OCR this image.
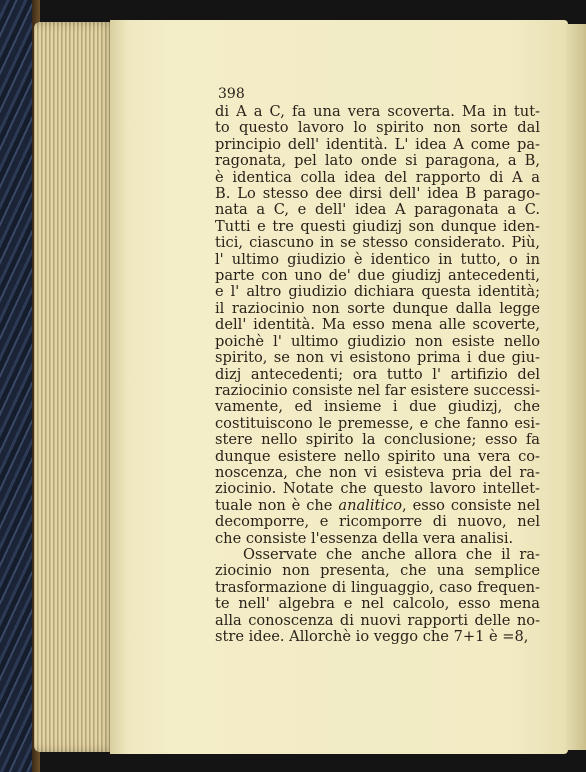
398
di A a C, fa una vera scoverta. Ma in tut-
to questo lavoro lo spirito non sorte dal
principio dell' identità. L' idea A come pa-
ragonata, pel lato onde si paragona, a B,
è identica colla idea del rapporto di A a
B. Lo stesso dee dirsi dell' idea B parago-
nata a C, e dell' idea A paragonata a C.
Tutti e tre questi giudizj son dunque iden-
tici, ciascuno in se stesso considerato. Più,
l' ultimo giudizio è identico in tutto, o in
parte con uno de' due giudizj antecedenti,
e l' altro giudizio dichiara questa identità;
il raziocinio non sorte dunque dalla legge
dell' identità. Ma esso mena alle scoverte,
poichè l' ultimo giudizio non esiste nello
spirito, se non vi esistono prima i due giu-
dizj antecedenti; ora tutto l' artifizio del
raziocinio consiste nel far esistere successi-
vamente, ed insieme i due giudizj, che
costituiscono le premesse, e che fanno esi-
stere nello spirito la conclusione; esso fa
dunque esistere nello spirito una vera co-
noscenza, che non vi esisteva pria del ra-
ziocinio. Notate che questo lavoro intellet-
tuale non è che analitico, esso consiste nel
decomporre, e ricomporre di nuovo, nel
che consiste l'essenza della vera analisi.
Osservate che anche allora che il ra-
ziocinio non presenta, che una semplice
trasformazione di linguaggio, caso frequen-
te nell' algebra e nel calcolo, esso mena
alla conoscenza di nuovi rapporti delle no-
stre idee. Allorchè io veggo che 7+1 è =8,
